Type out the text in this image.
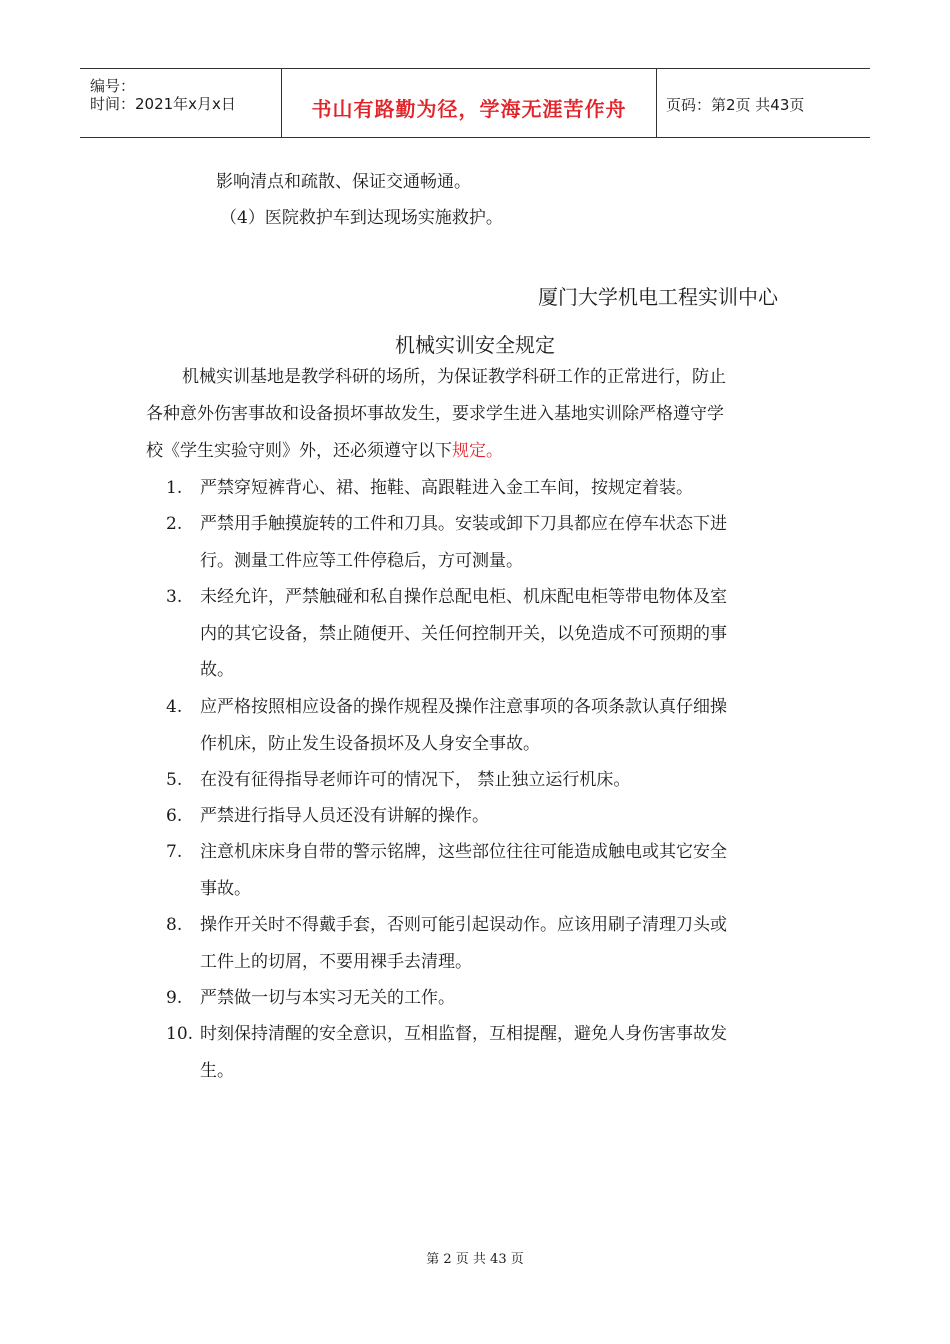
编号：
时间：2021年x月x日	书山有路勤为径，学海无涯苦作舟	页码：第2页 共43页
影响清点和疏散、保证交通畅通。
（4）医院救护车到达现场实施救护。
厦门大学机电工程实训中心
机械实训安全规定
机械实训基地是教学科研的场所，为保证教学科研工作的正常进行，防止
各种意外伤害事故和设备损坏事故发生，要求学生进入基地实训除严格遵守学
校《学生实验守则》外，还必须遵守以下规定。
1. 严禁穿短裤背心、裙、拖鞋、高跟鞋进入金工车间，按规定着装。
2. 严禁用手触摸旋转的工件和刀具。安装或卸下刀具都应在停车状态下进
行。测量工件应等工件停稳后，方可测量。
3. 未经允许，严禁触碰和私自操作总配电柜、机床配电柜等带电物体及室
内的其它设备，禁止随便开、关任何控制开关，以免造成不可预期的事
故。
4. 应严格按照相应设备的操作规程及操作注意事项的各项条款认真仔细操
作机床，防止发生设备损坏及人身安全事故。
5. 在没有征得指导老师许可的情况下， 禁止独立运行机床。
6. 严禁进行指导人员还没有讲解的操作。
7. 注意机床床身自带的警示铭牌，这些部位往往可能造成触电或其它安全
事故。
8. 操作开关时不得戴手套，否则可能引起误动作。应该用刷子清理刀头或
工件上的切屑，不要用裸手去清理。
9. 严禁做一切与本实习无关的工作。
10. 时刻保持清醒的安全意识，互相监督，互相提醒，避免人身伤害事故发
生。
第 2 页 共 43 页
